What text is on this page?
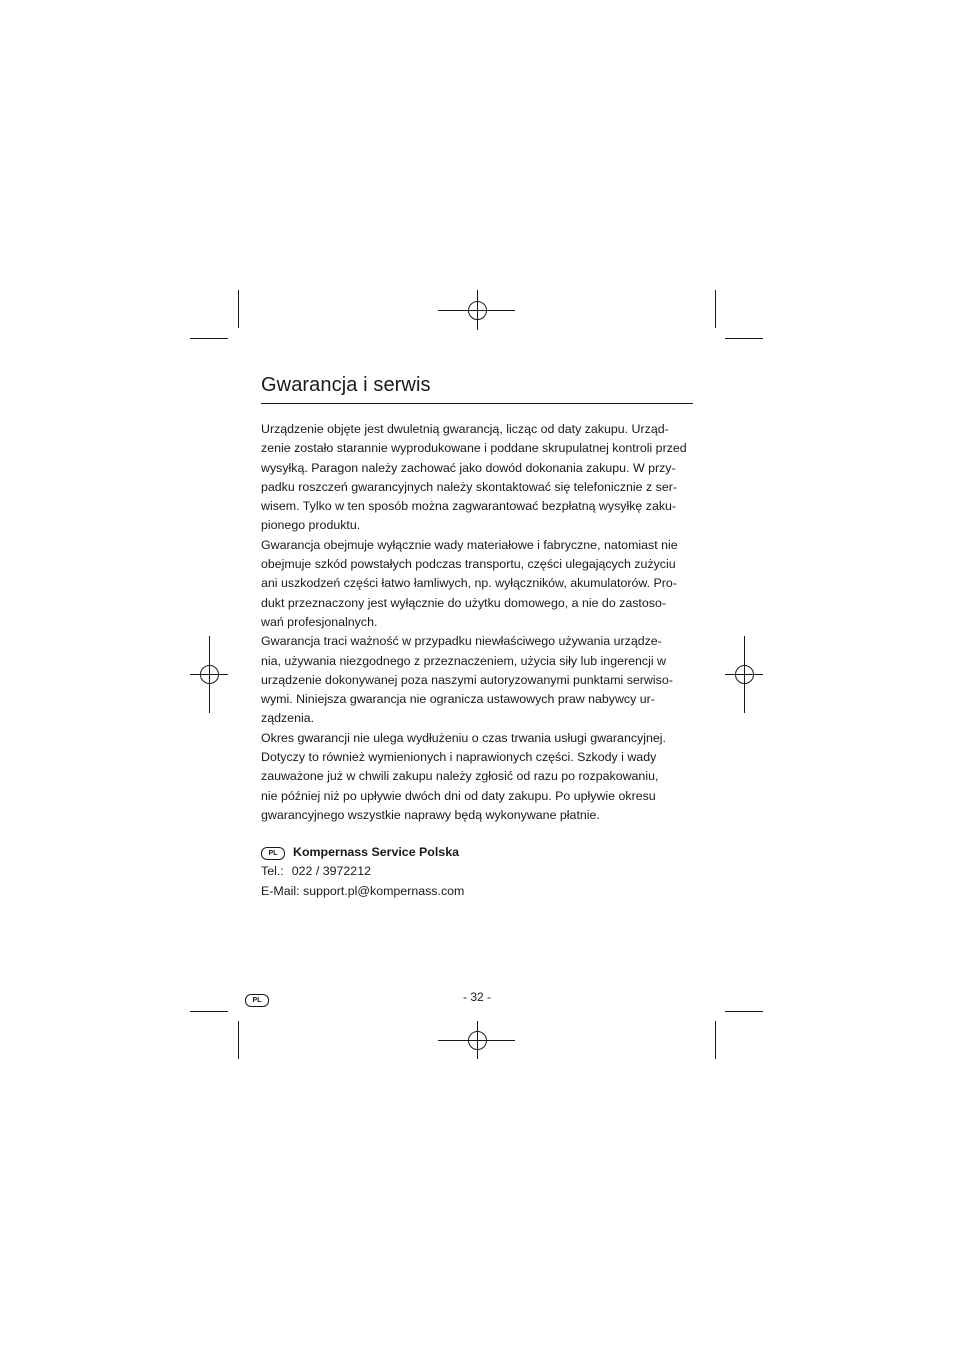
Gwarancja i serwis
Urządzenie objęte jest dwuletnią gwarancją, licząc od daty zakupu. Urząd-
zenie zostało starannie wyprodukowane i poddane skrupulatnej kontroli przed
wysyłką. Paragon należy zachować jako dowód dokonania zakupu. W przy-
padku roszczeń gwarancyjnych należy skontaktować się telefonicznie z ser-
wisem. Tylko w ten sposób można zagwarantować bezpłatną wysyłkę zaku-
pionego produktu.
Gwarancja obejmuje wyłącznie wady materiałowe i fabryczne, natomiast nie
obejmuje szkód powstałych podczas transportu, części ulegających zużyciu
ani uszkodzeń części łatwo łamliwych, np. wyłączników, akumulatorów. Pro-
dukt przeznaczony jest wyłącznie do użytku domowego, a nie do zastoso-
wań profesjonalnych.
Gwarancja traci ważność w przypadku niewłaściwego używania urządze-
nia, używania niezgodnego z przeznaczeniem, użycia siły lub ingerencji w
urządzenie dokonywanej poza naszymi autoryzowanymi punktami serwiso-
wymi. Niniejsza gwarancja nie ogranicza ustawowych praw nabywcy ur-
ządzenia.
Okres gwarancji nie ulega wydłużeniu o czas trwania usługi gwarancyjnej.
Dotyczy to również wymienionych i naprawionych części. Szkody i wady
zauważone już w chwili zakupu należy zgłosić od razu po rozpakowaniu,
nie później niż po upływie dwóch dni od daty zakupu. Po upływie okresu
gwarancyjnego wszystkie naprawy będą wykonywane płatnie.
PL Kompernass Service Polska
Tel.: 022 / 3972212
E-Mail: support.pl@kompernass.com
PL	- 32 -
